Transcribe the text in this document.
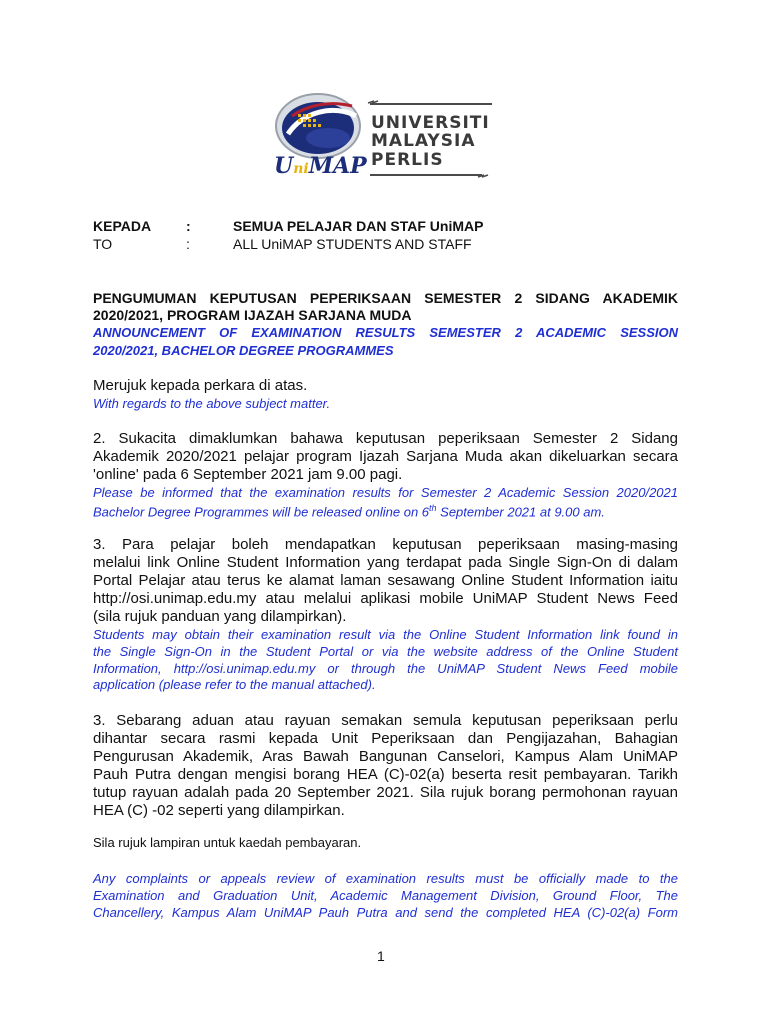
UniMAP
UNIVERSITI
MALAYSIA
PERLIS
KEPADA :	SEMUA PELAJAR DAN STAF UniMAP
TO	:	ALL UniMAP STUDENTS AND STAFF
PENGUMUMAN KEPUTUSAN PEPERIKSAAN SEMESTER 2 SIDANG AKADEMIK
2020/2021, PROGRAM IJAZAH SARJANA MUDA
ANNOUNCEMENT OF EXAMINATION RESULTS SEMESTER 2 ACADEMIC SESSION
2020/2021, BACHELOR DEGREE PROGRAMMES
Merujuk kepada perkara di atas.
With regards to the above subject matter.
2. Sukacita dimaklumkan bahawa keputusan peperiksaan Semester 2 Sidang
Akademik 2020/2021 pelajar program Ijazah Sarjana Muda akan dikeluarkan secara
'online' pada 6 September 2021 jam 9.00 pagi.
Please be informed that the examination results for Semester 2 Academic Session 2020/2021
Bachelor Degree Programmes will be released online on 6th September 2021 at 9.00 am.
3. Para pelajar boleh mendapatkan keputusan peperiksaan masing-masing
melalui link Online Student Information yang terdapat pada Single Sign-On di dalam
Portal Pelajar atau terus ke alamat laman sesawang Online Student Information iaitu
http://osi.unimap.edu.my atau melalui aplikasi mobile UniMAP Student News Feed
(sila rujuk panduan yang dilampirkan).
Students may obtain their examination result via the Online Student Information link found in
the Single Sign-On in the Student Portal or via the website address of the Online Student
Information, http://osi.unimap.edu.my or through the UniMAP Student News Feed mobile
application (please refer to the manual attached).
3. Sebarang aduan atau rayuan semakan semula keputusan peperiksaan perlu
dihantar secara rasmi kepada Unit Peperiksaan dan Pengijazahan, Bahagian
Pengurusan Akademik, Aras Bawah Bangunan Canselori, Kampus Alam UniMAP
Pauh Putra dengan mengisi borang HEA (C)-02(a) beserta resit pembayaran. Tarikh
tutup rayuan adalah pada 20 September 2021. Sila rujuk borang permohonan rayuan
HEA (C) -02 seperti yang dilampirkan.
Sila rujuk lampiran untuk kaedah pembayaran.
Any complaints or appeals review of examination results must be officially made to the
Examination and Graduation Unit, Academic Management Division, Ground Floor, The
Chancellery, Kampus Alam UniMAP Pauh Putra and send the completed HEA (C)-02(a) Form
1
